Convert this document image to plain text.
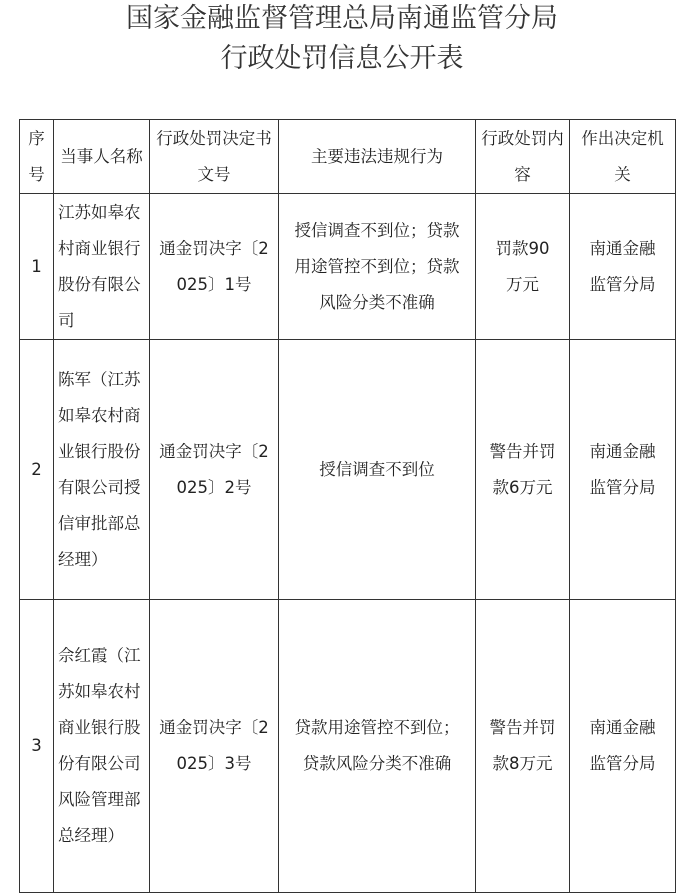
国家金融监督管理总局南通监管分局
行政处罚信息公开表
序号	当事人名称	行政处罚决定书文号	主要违法违规行为	行政处罚内容	作出决定机关
1	江苏如皋农村商业银行股份有限公司	通金罚决字〔2025〕1号	授信调查不到位；贷款用途管控不到位；贷款风险分类不准确	罚款90万元	南通金融监管分局
2	陈军（江苏如皋农村商业银行股份有限公司授信审批部总经理）	通金罚决字〔2025〕2号	授信调查不到位	警告并罚款6万元	南通金融监管分局
3	佘红霞（江苏如皋农村商业银行股份有限公司风险管理部总经理）	通金罚决字〔2025〕3号	贷款用途管控不到位；贷款风险分类不准确	警告并罚款8万元	南通金融监管分局
